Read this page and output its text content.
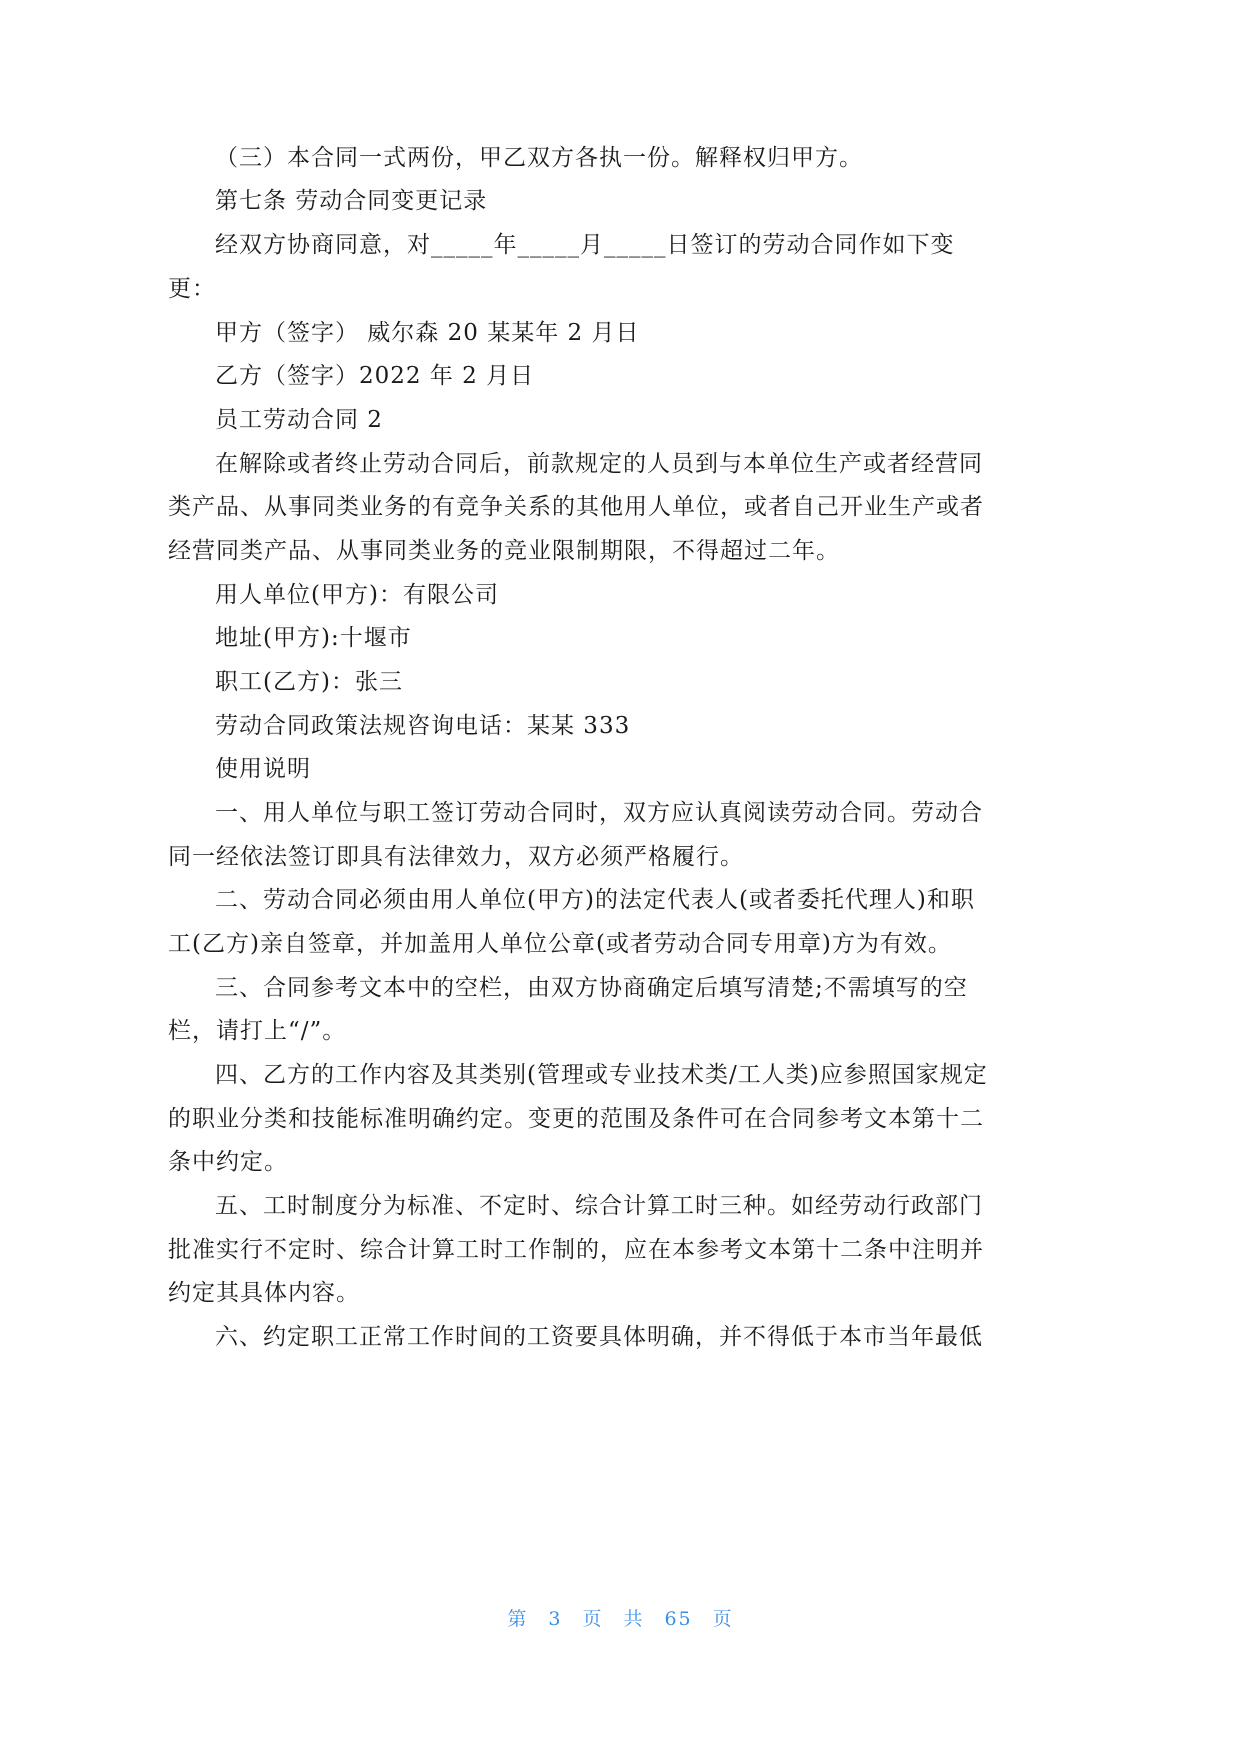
（三）本合同一式两份，甲乙双方各执一份。解释权归甲方。
第七条 劳动合同变更记录
经双方协商同意，对_____年_____月_____日签订的劳动合同作如下变
更：
甲方（签字） 威尔森 20 某某年 2 月日
乙方（签字）2022 年 2 月日
员工劳动合同 2
在解除或者终止劳动合同后，前款规定的人员到与本单位生产或者经营同
类产品、从事同类业务的有竞争关系的其他用人单位，或者自己开业生产或者
经营同类产品、从事同类业务的竞业限制期限，不得超过二年。
用人单位(甲方)：有限公司
地址(甲方):十堰市
职工(乙方)：张三
劳动合同政策法规咨询电话：某某 333
使用说明
一、用人单位与职工签订劳动合同时，双方应认真阅读劳动合同。劳动合
同一经依法签订即具有法律效力，双方必须严格履行。
二、劳动合同必须由用人单位(甲方)的法定代表人(或者委托代理人)和职
工(乙方)亲自签章，并加盖用人单位公章(或者劳动合同专用章)方为有效。
三、合同参考文本中的空栏，由双方协商确定后填写清楚;不需填写的空
栏，请打上“/”。
四、乙方的工作内容及其类别(管理或专业技术类/工人类)应参照国家规定
的职业分类和技能标准明确约定。变更的范围及条件可在合同参考文本第十二
条中约定。
五、工时制度分为标准、不定时、综合计算工时三种。如经劳动行政部门
批准实行不定时、综合计算工时工作制的，应在本参考文本第十二条中注明并
约定其具体内容。
六、约定职工正常工作时间的工资要具体明确，并不得低于本市当年最低
第 3 页 共 65 页
